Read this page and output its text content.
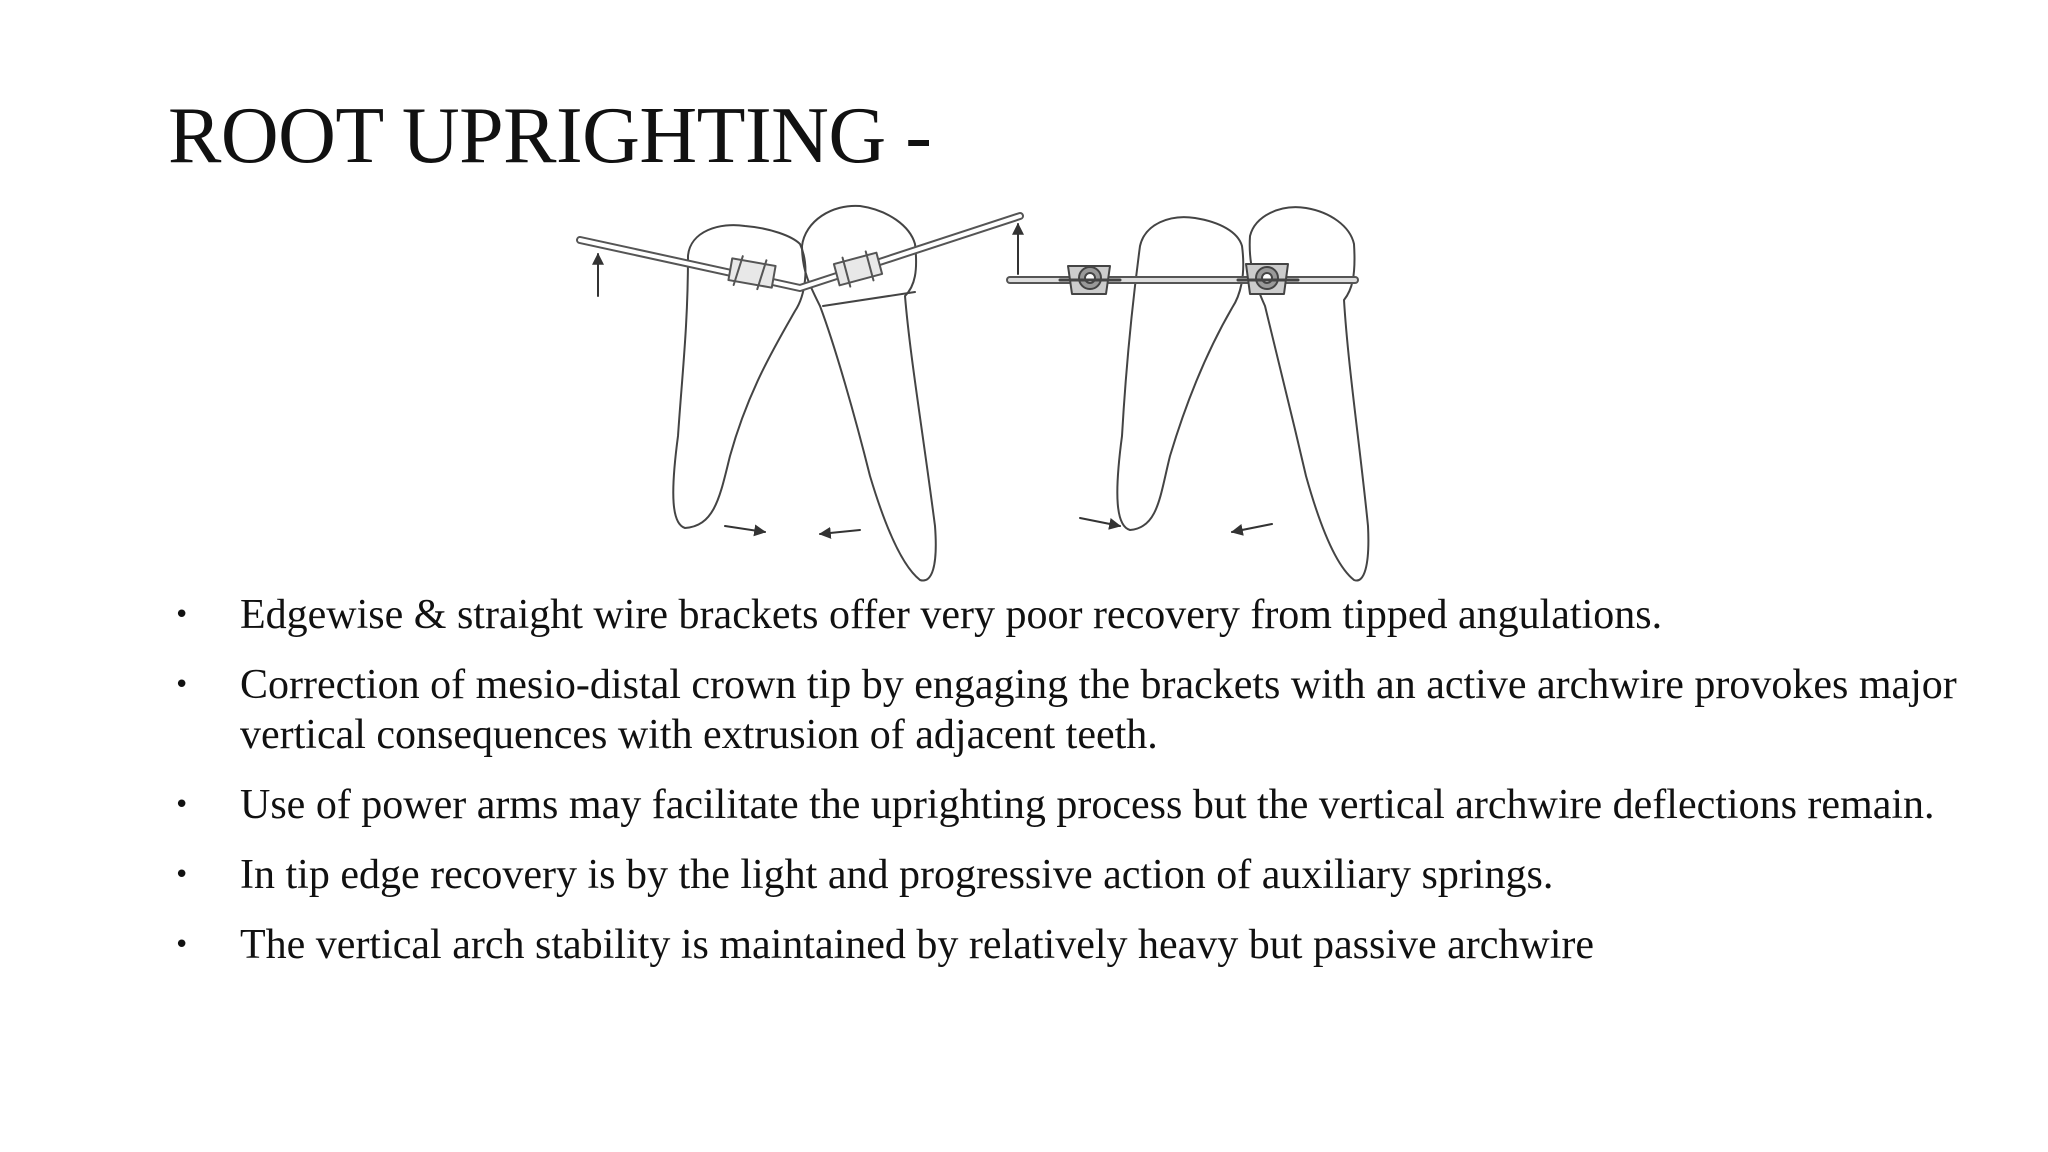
ROOT UPRIGHTING -
• Edgewise & straight wire brackets offer very poor recovery from tipped angulations.
• Correction of mesio-distal crown tip by engaging the brackets with an active archwire provokes major vertical consequences with extrusion of adjacent teeth.
• Use of power arms may facilitate the uprighting process but the vertical archwire deflections remain.
• In tip edge recovery is by the light and progressive action of auxiliary springs.
• The vertical arch stability is maintained by relatively heavy but passive archwire
